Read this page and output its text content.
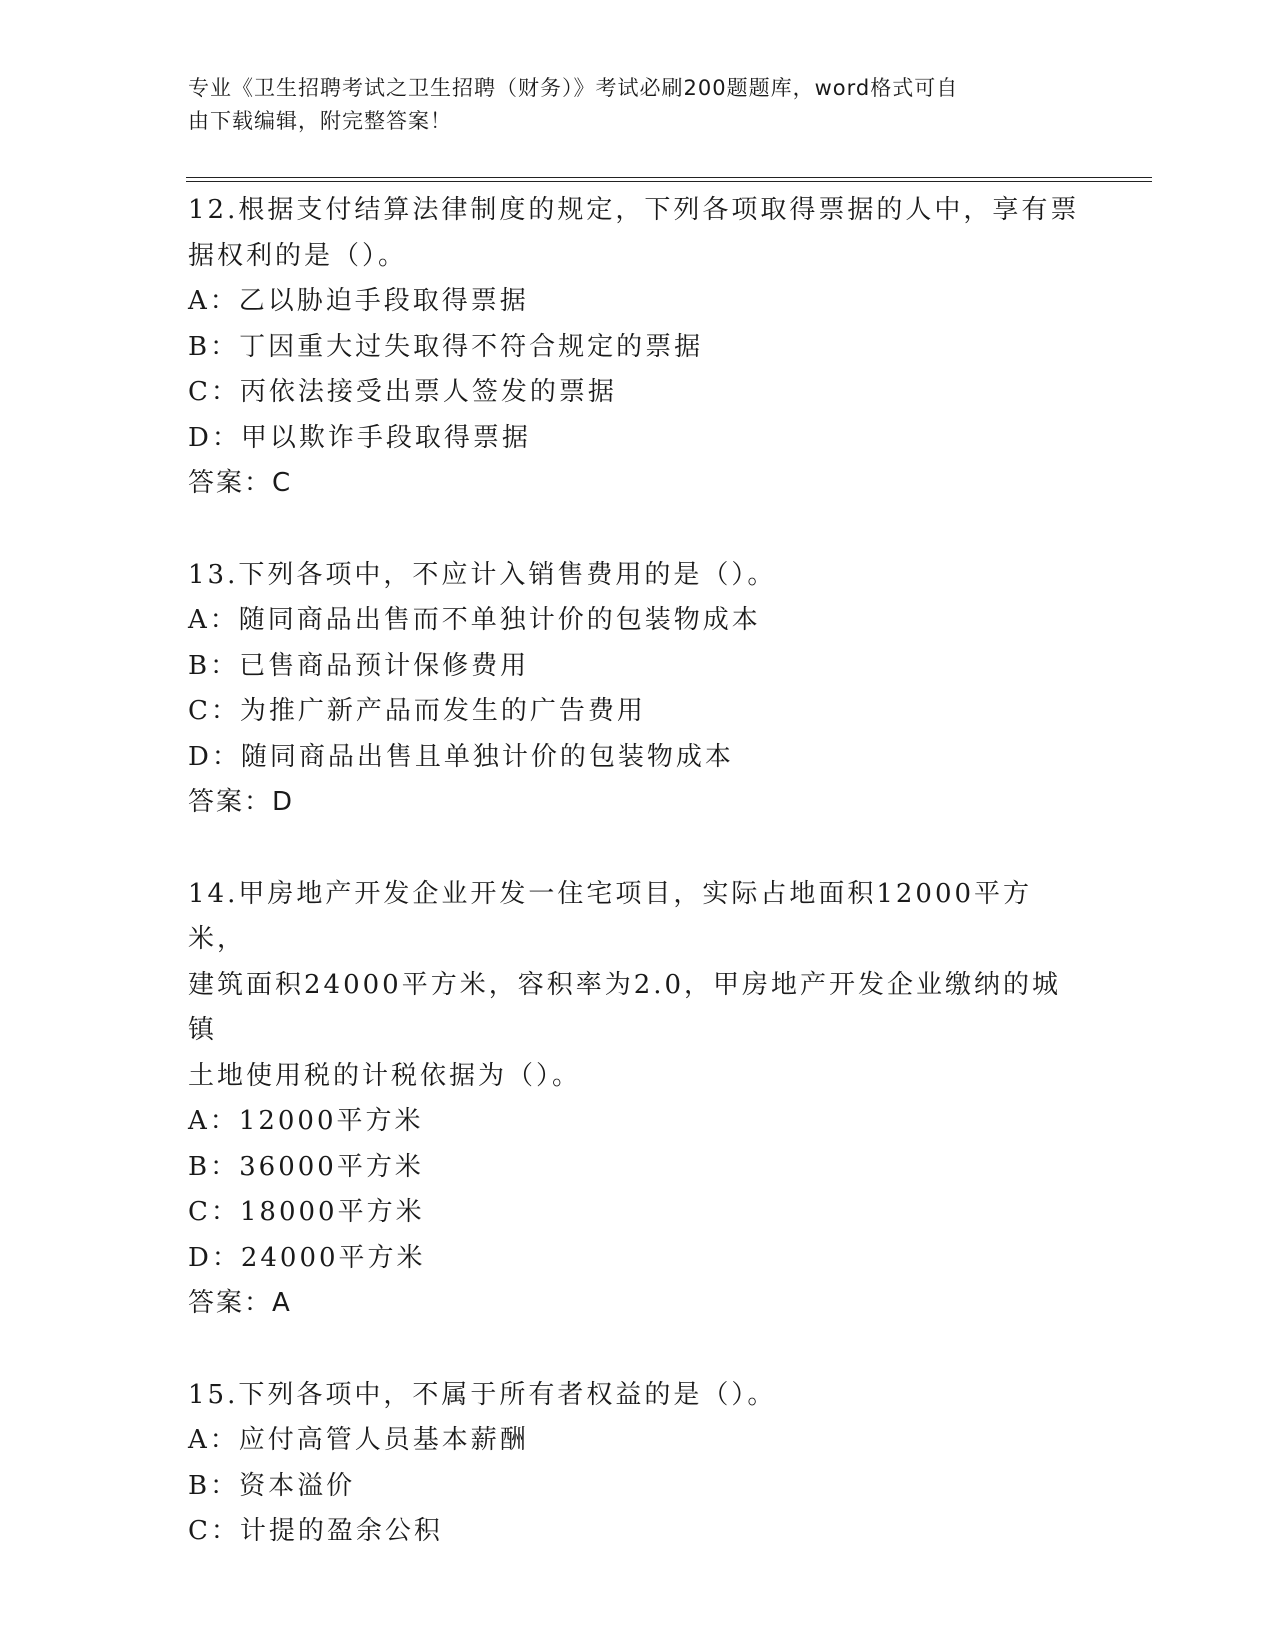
专业《卫生招聘考试之卫生招聘（财务）》考试必刷200题题库，word格式可自
由下载编辑，附完整答案！
12.根据支付结算法律制度的规定，下列各项取得票据的人中，享有票
据权利的是（）。
A：乙以胁迫手段取得票据
B：丁因重大过失取得不符合规定的票据
C：丙依法接受出票人签发的票据
D：甲以欺诈手段取得票据
答案：C
13.下列各项中，不应计入销售费用的是（）。
A：随同商品出售而不单独计价的包装物成本
B：已售商品预计保修费用
C：为推广新产品而发生的广告费用
D：随同商品出售且单独计价的包装物成本
答案：D
14.甲房地产开发企业开发一住宅项目，实际占地面积12000平方米，
建筑面积24000平方米，容积率为2.0，甲房地产开发企业缴纳的城镇
土地使用税的计税依据为（）。
A：12000平方米
B：36000平方米
C：18000平方米
D：24000平方米
答案：A
15.下列各项中，不属于所有者权益的是（）。
A：应付高管人员基本薪酬
B：资本溢价
C：计提的盈余公积
